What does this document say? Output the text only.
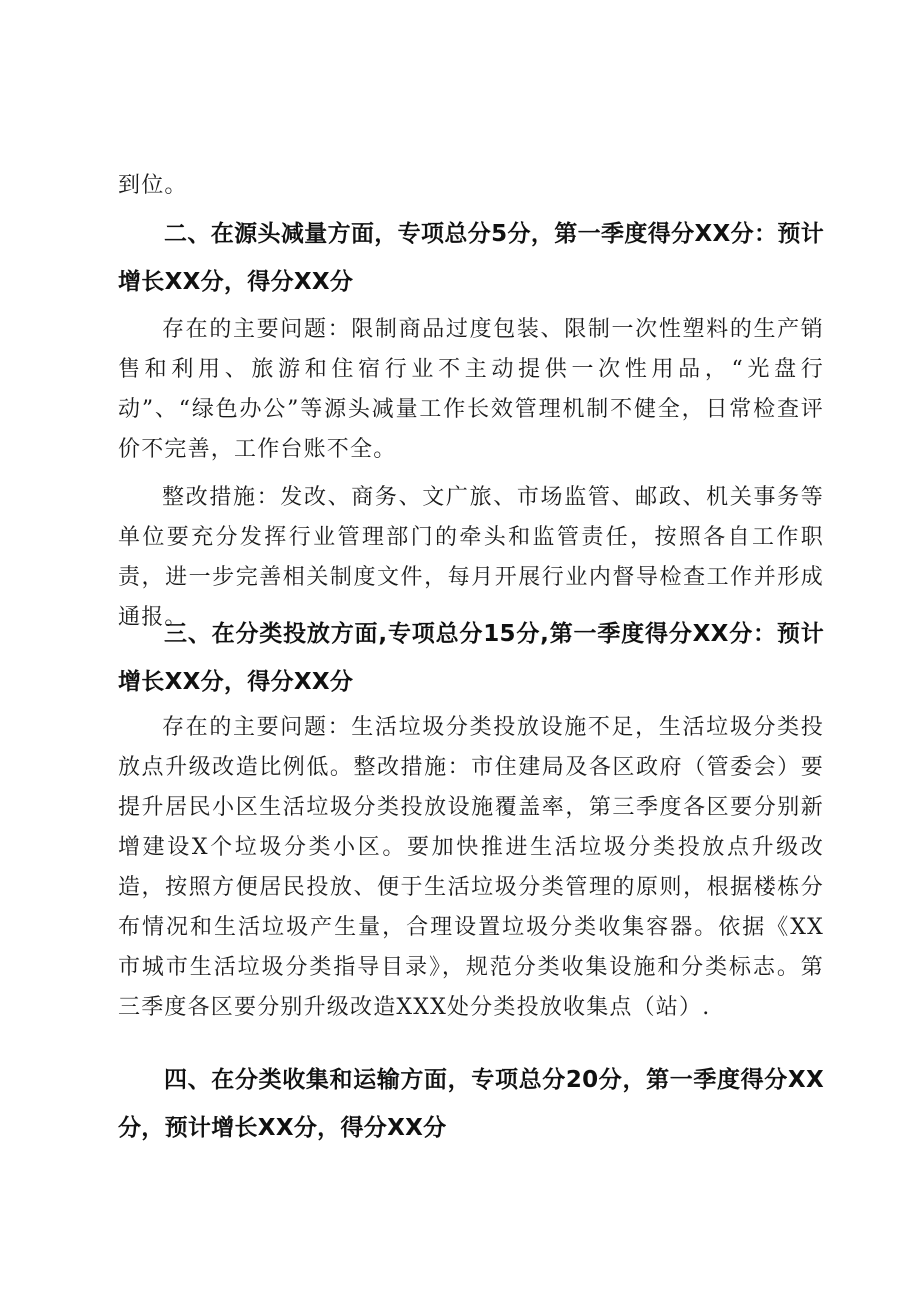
到位。

二、在源头减量方面，专项总分5分，第一季度得分XX分：预计增长XX分，得分XX分

存在的主要问题：限制商品过度包装、限制一次性塑料的生产销售和利用、旅游和住宿行业不主动提供一次性用品，“光盘行动”、“绿色办公”等源头减量工作长效管理机制不健全，日常检查评价不完善，工作台账不全。

整改措施：发改、商务、文广旅、市场监管、邮政、机关事务等单位要充分发挥行业管理部门的牵头和监管责任，按照各自工作职责，进一步完善相关制度文件，每月开展行业内督导检查工作并形成通报。

三、在分类投放方面,专项总分15分,第一季度得分XX分：预计增长XX分，得分XX分

存在的主要问题：生活垃圾分类投放设施不足，生活垃圾分类投放点升级改造比例低。整改措施：市住建局及各区政府（管委会）要提升居民小区生活垃圾分类投放设施覆盖率，第三季度各区要分别新增建设X个垃圾分类小区。要加快推进生活垃圾分类投放点升级改造，按照方便居民投放、便于生活垃圾分类管理的原则，根据楼栋分布情况和生活垃圾产生量，合理设置垃圾分类收集容器。依据《XX市城市生活垃圾分类指导目录》，规范分类收集设施和分类标志。第三季度各区要分别升级改造XXX处分类投放收集点（站）.

四、在分类收集和运输方面，专项总分20分，第一季度得分XX分，预计增长XX分，得分XX分
